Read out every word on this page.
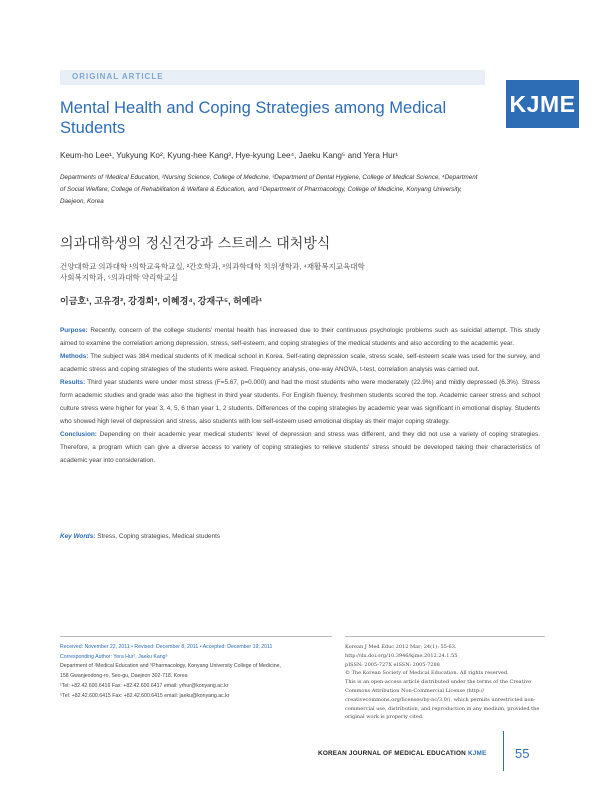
ORIGINAL ARTICLE
KJME
Mental Health and Coping Strategies among Medical Students
Keum-ho Lee¹, Yukyung Ko², Kyung-hee Kang³, Hye-kyung Lee⁴, Jaeku Kang⁵ and Yera Hur¹
Departments of ¹Medical Education, ²Nursing Science, College of Medicine, ³Department of Dental Hygiene, College of Medical Science, ⁴Department of Social Welfare, College of Rehabilitation & Welfare & Education, and ⁵Department of Pharmacology, College of Medicine, Konyang University, Daejeon, Korea
의과대학생의 정신건강과 스트레스 대처방식
건양대학교 의과대학 ¹의학교육학교실, ²간호학과, ³의과학대학 치위생학과, ⁴재활복지교육대학
사회복지학과, ⁵의과대학 약리학교실
이금호¹, 고유경², 강경희³, 이혜경⁴, 강재구⁵, 허예라¹

Purpose: Recently, concern of the college students' mental health has increased due to their continuous psychologic problems such as suicidal attempt. This study aimed to examine the correlation among depression, stress, self-esteem, and coping strategies of the medical students and also according to the academic year.

Methods: The subject was 384 medical students of K medical school in Korea. Self-rating depression scale, stress scale, self-esteem scale was used for the survey, and academic stress and coping strategies of the students were asked. Frequency analysis, one-way ANOVA, t-test, correlation analysis was carried out.

Results: Third year students were under most stress (F=5.67, p=0.000) and had the most students who were moderately (22.9%) and mildly depressed (6.3%). Stress form academic studies and grade was also the highest in third year students. For English fluency, freshmen students scored the top. Academic career stress and school culture stress were higher for year 3, 4, 5, 6 than year 1, 2 students. Differences of the coping strategies by academic year was significant in emotional display. Students who showed high level of depression and stress, also students with low self-esteem used emotional display as their major coping strategy.

Conclusion: Depending on their academic year medical students' level of depression and stress was different, and they did not use a variety of coping strategies. Therefore, a program which can give a diverse access to variety of coping strategies to relieve students' stress should be developed taking their characteristics of academic year into consideration.

Key Words: Stress, Coping strategies, Medical students
Received: November 22, 2011 • Revised: December 8, 2011 • Accepted: December 19, 2011
Corresponding Author: Yera Hur¹, Jaeku Kang⁵
Department of ¹Medical Education and ⁵Pharmacology, Konyang University College of Medicine,
158 Gwanjeodong-ro, Seo-gu, Daejeon 302-718, Korea
¹Tel: +82.42.600.6416 Fax: +82.42.600.6417 email: yrhur@konyang.ac.kr
⁵Tel: +82.42.600.6415 Fax: +82.42.600.6415 email: jaeku@konyang.ac.kr
Korean J Med Educ 2012 Mar; 24(1): 55-63.
http://dx.doi.org/10.3946/kjme.2012.24.1.55
pISSN: 2005-727X eISSN: 2005-7288
© The Korean Society of Medical Education. All rights reserved.
This is an open-access article distributed under the terms of the Creative Commons Attribution Non-Commercial License (http:// creativecommons.org/licenses/by-nc/3.0/), which permits unrestricted non-commercial use, distribution, and reproduction in any medium, provided the original work is properly cited.
KOREAN JOURNAL OF MEDICAL EDUCATION KJME 55
